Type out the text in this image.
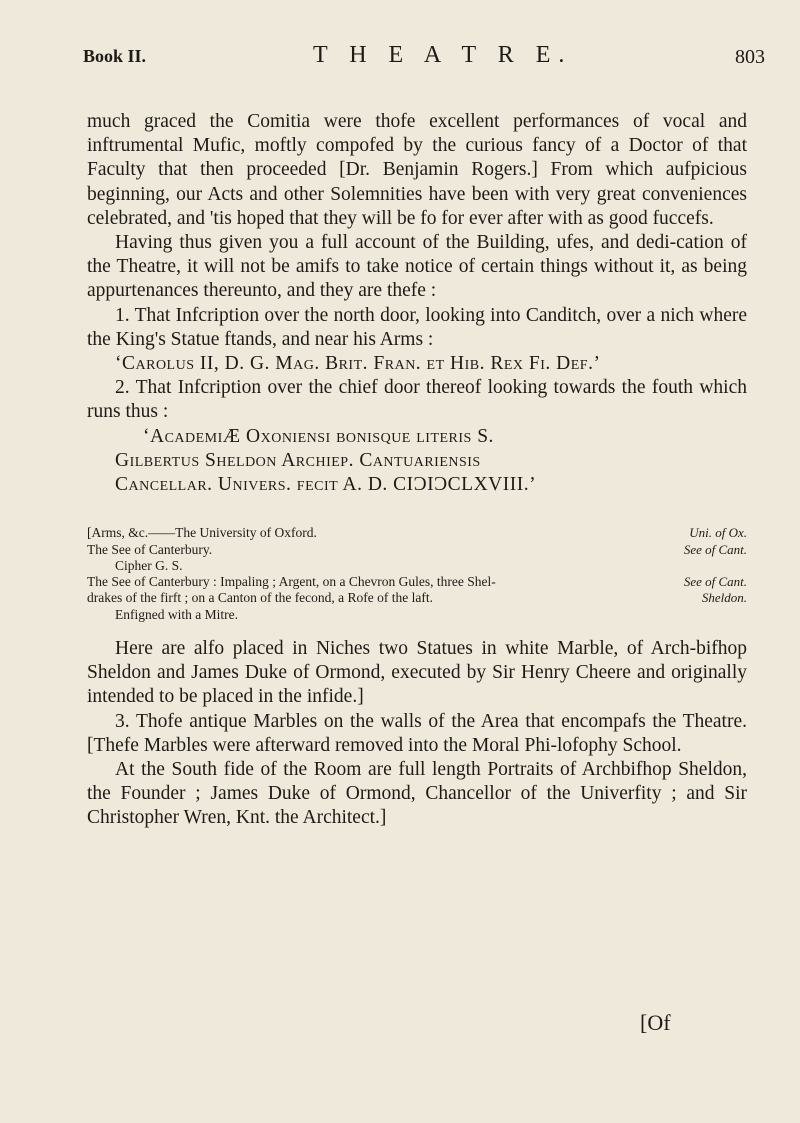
Book II.	T H E A T R E.	803

much graced the Comitia were thofe excellent performances of vocal and inftrumental Mufic, moftly compofed by the curious fancy of a Doctor of that Faculty that then proceeded [Dr. Benjamin Rogers.] From which aufpicious beginning, our Acts and other Solemnities have been with very great conveniences celebrated, and 'tis hoped that they will be fo for ever after with as good fuccefs.

Having thus given you a full account of the Building, ufes, and dedi-cation of the Theatre, it will not be amifs to take notice of certain things without it, as being appurtenances thereunto, and they are thefe :

1. That Infcription over the north door, looking into Canditch, over a nich where the King's Statue ftands, and near his Arms :

‘Carolus II, D. G. Mag. Brit. Fran. et Hib. Rex Fi. Def.’

2. That Infcription over the chief door thereof looking towards the fouth which runs thus :

‘AcademiÆ Oxoniensi bonisque literis S.

Gilbertus Sheldon Archiep. Cantuariensis

Cancellar. Univers. fecit A. D. CIƆIƆCLXVIII.’

[Arms, &c.——The University of Oxford.	Uni. of Ox.
The See of Canterbury.	See of Cant.
Cipher G. S.
The See of Canterbury : Impaling ; Argent, on a Chevron Gules, three Shel-	See of Cant.
drakes of the firft ; on a Canton of the fecond, a Rofe of the laft.	Sheldon.
Enfigned with a Mitre.

Here are alfo placed in Niches two Statues in white Marble, of Arch-bifhop Sheldon and James Duke of Ormond, executed by Sir Henry Cheere and originally intended to be placed in the infide.]

3. Thofe antique Marbles on the walls of the Area that encompafs the Theatre. [Thefe Marbles were afterward removed into the Moral Phi-lofophy School.

At the South fide of the Room are full length Portraits of Archbifhop Sheldon, the Founder ; James Duke of Ormond, Chancellor of the Univerfity ; and Sir Christopher Wren, Knt. the Architect.]

[Of
